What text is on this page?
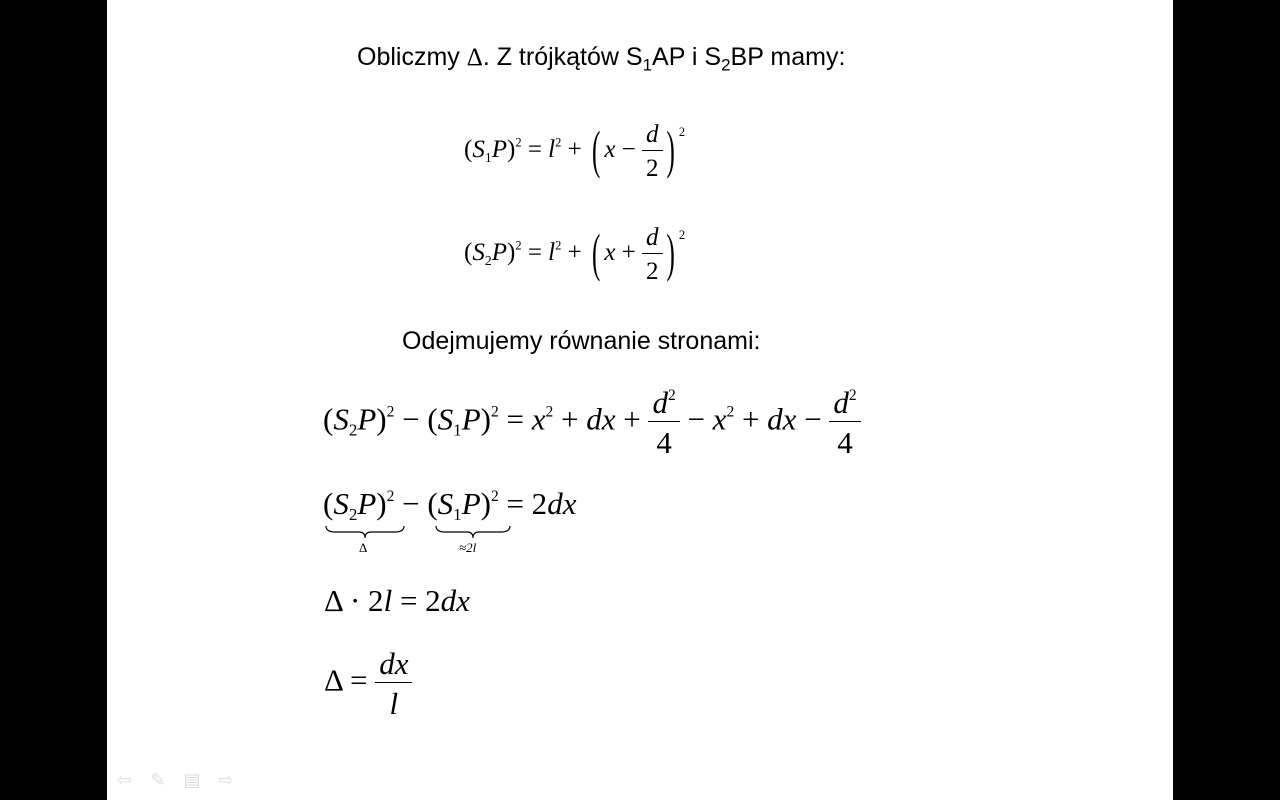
Obliczmy Δ. Z trójkątów $S_1AP$ i $S_2BP$ mamy:
$(S_1P)^2 = l^2$ + ( $x - \frac{d}{2}$ ) $^2$
$(S_2P)^2 = l^2$ + ( $x + \frac{d}{2}$ ) $^2$
Odejmujemy równanie stronami:
$(S_2P)^2 - (S_1P)^2 = x^2$ + dx + $\frac{d^2}{4} - x^2$ + dx − $\frac{d^2}{4}$
$(S_2P)^2 - (S_1P)^2 = 2dx$
Δ	≈2l
Δ · 2l = 2dx
$\Delta = \frac{dx}{l}$
⇦ ✎ ▤ ⇨
